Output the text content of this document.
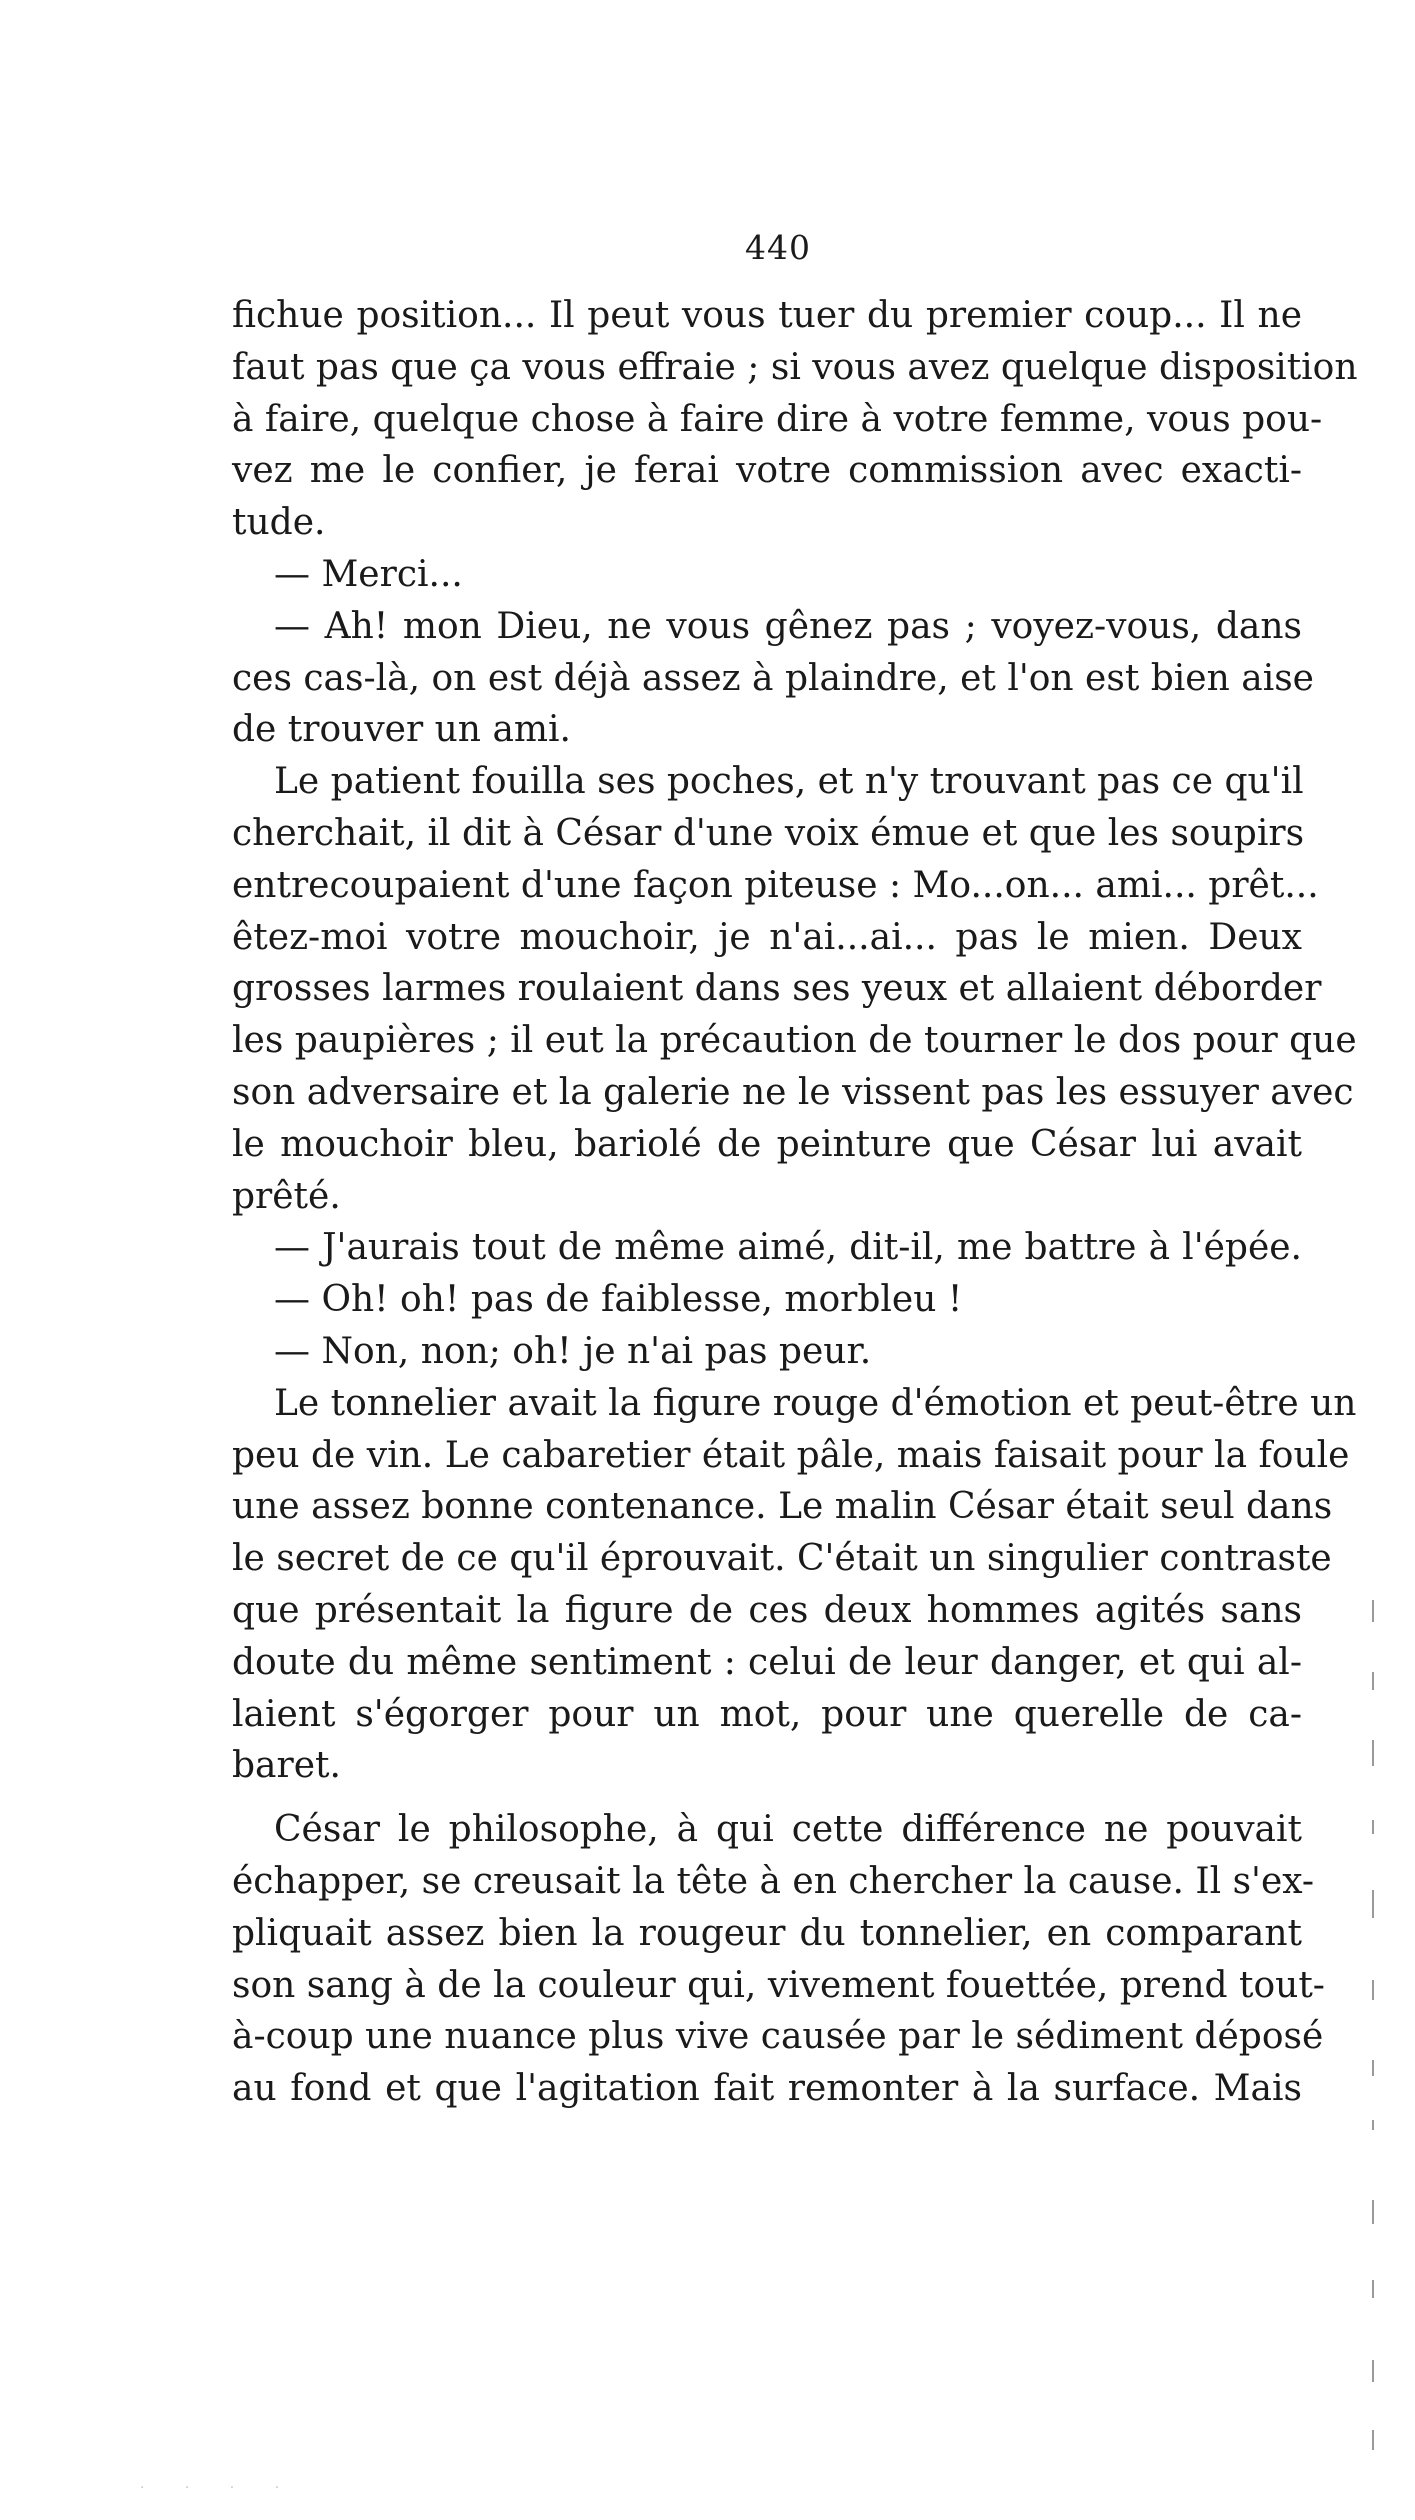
440
fichue position... Il peut vous tuer du premier coup... Il ne
faut pas que ça vous effraie ; si vous avez quelque disposition
à faire, quelque chose à faire dire à votre femme, vous pou-
vez me le confier, je ferai votre commission avec exacti-
tude.
— Merci...
— Ah! mon Dieu, ne vous gênez pas ; voyez-vous, dans
ces cas-là, on est déjà assez à plaindre, et l'on est bien aise
de trouver un ami.
Le patient fouilla ses poches, et n'y trouvant pas ce qu'il
cherchait, il dit à César d'une voix émue et que les soupirs
entrecoupaient d'une façon piteuse : Mo...on... ami... prêt...
êtez-moi votre mouchoir, je n'ai...ai... pas le mien. Deux
grosses larmes roulaient dans ses yeux et allaient déborder
les paupières ; il eut la précaution de tourner le dos pour que
son adversaire et la galerie ne le vissent pas les essuyer avec
le mouchoir bleu, bariolé de peinture que César lui avait
prêté.
— J'aurais tout de même aimé, dit-il, me battre à l'épée.
— Oh! oh! pas de faiblesse, morbleu !
— Non, non; oh! je n'ai pas peur.
Le tonnelier avait la figure rouge d'émotion et peut-être un
peu de vin. Le cabaretier était pâle, mais faisait pour la foule
une assez bonne contenance. Le malin César était seul dans
le secret de ce qu'il éprouvait. C'était un singulier contraste
que présentait la figure de ces deux hommes agités sans
doute du même sentiment : celui de leur danger, et qui al-
laient s'égorger pour un mot, pour une querelle de ca-
baret.
César le philosophe, à qui cette différence ne pouvait
échapper, se creusait la tête à en chercher la cause. Il s'ex-
pliquait assez bien la rougeur du tonnelier, en comparant
son sang à de la couleur qui, vivement fouettée, prend tout-
à-coup une nuance plus vive causée par le sédiment déposé
au fond et que l'agitation fait remonter à la surface. Mais
· · · ·
